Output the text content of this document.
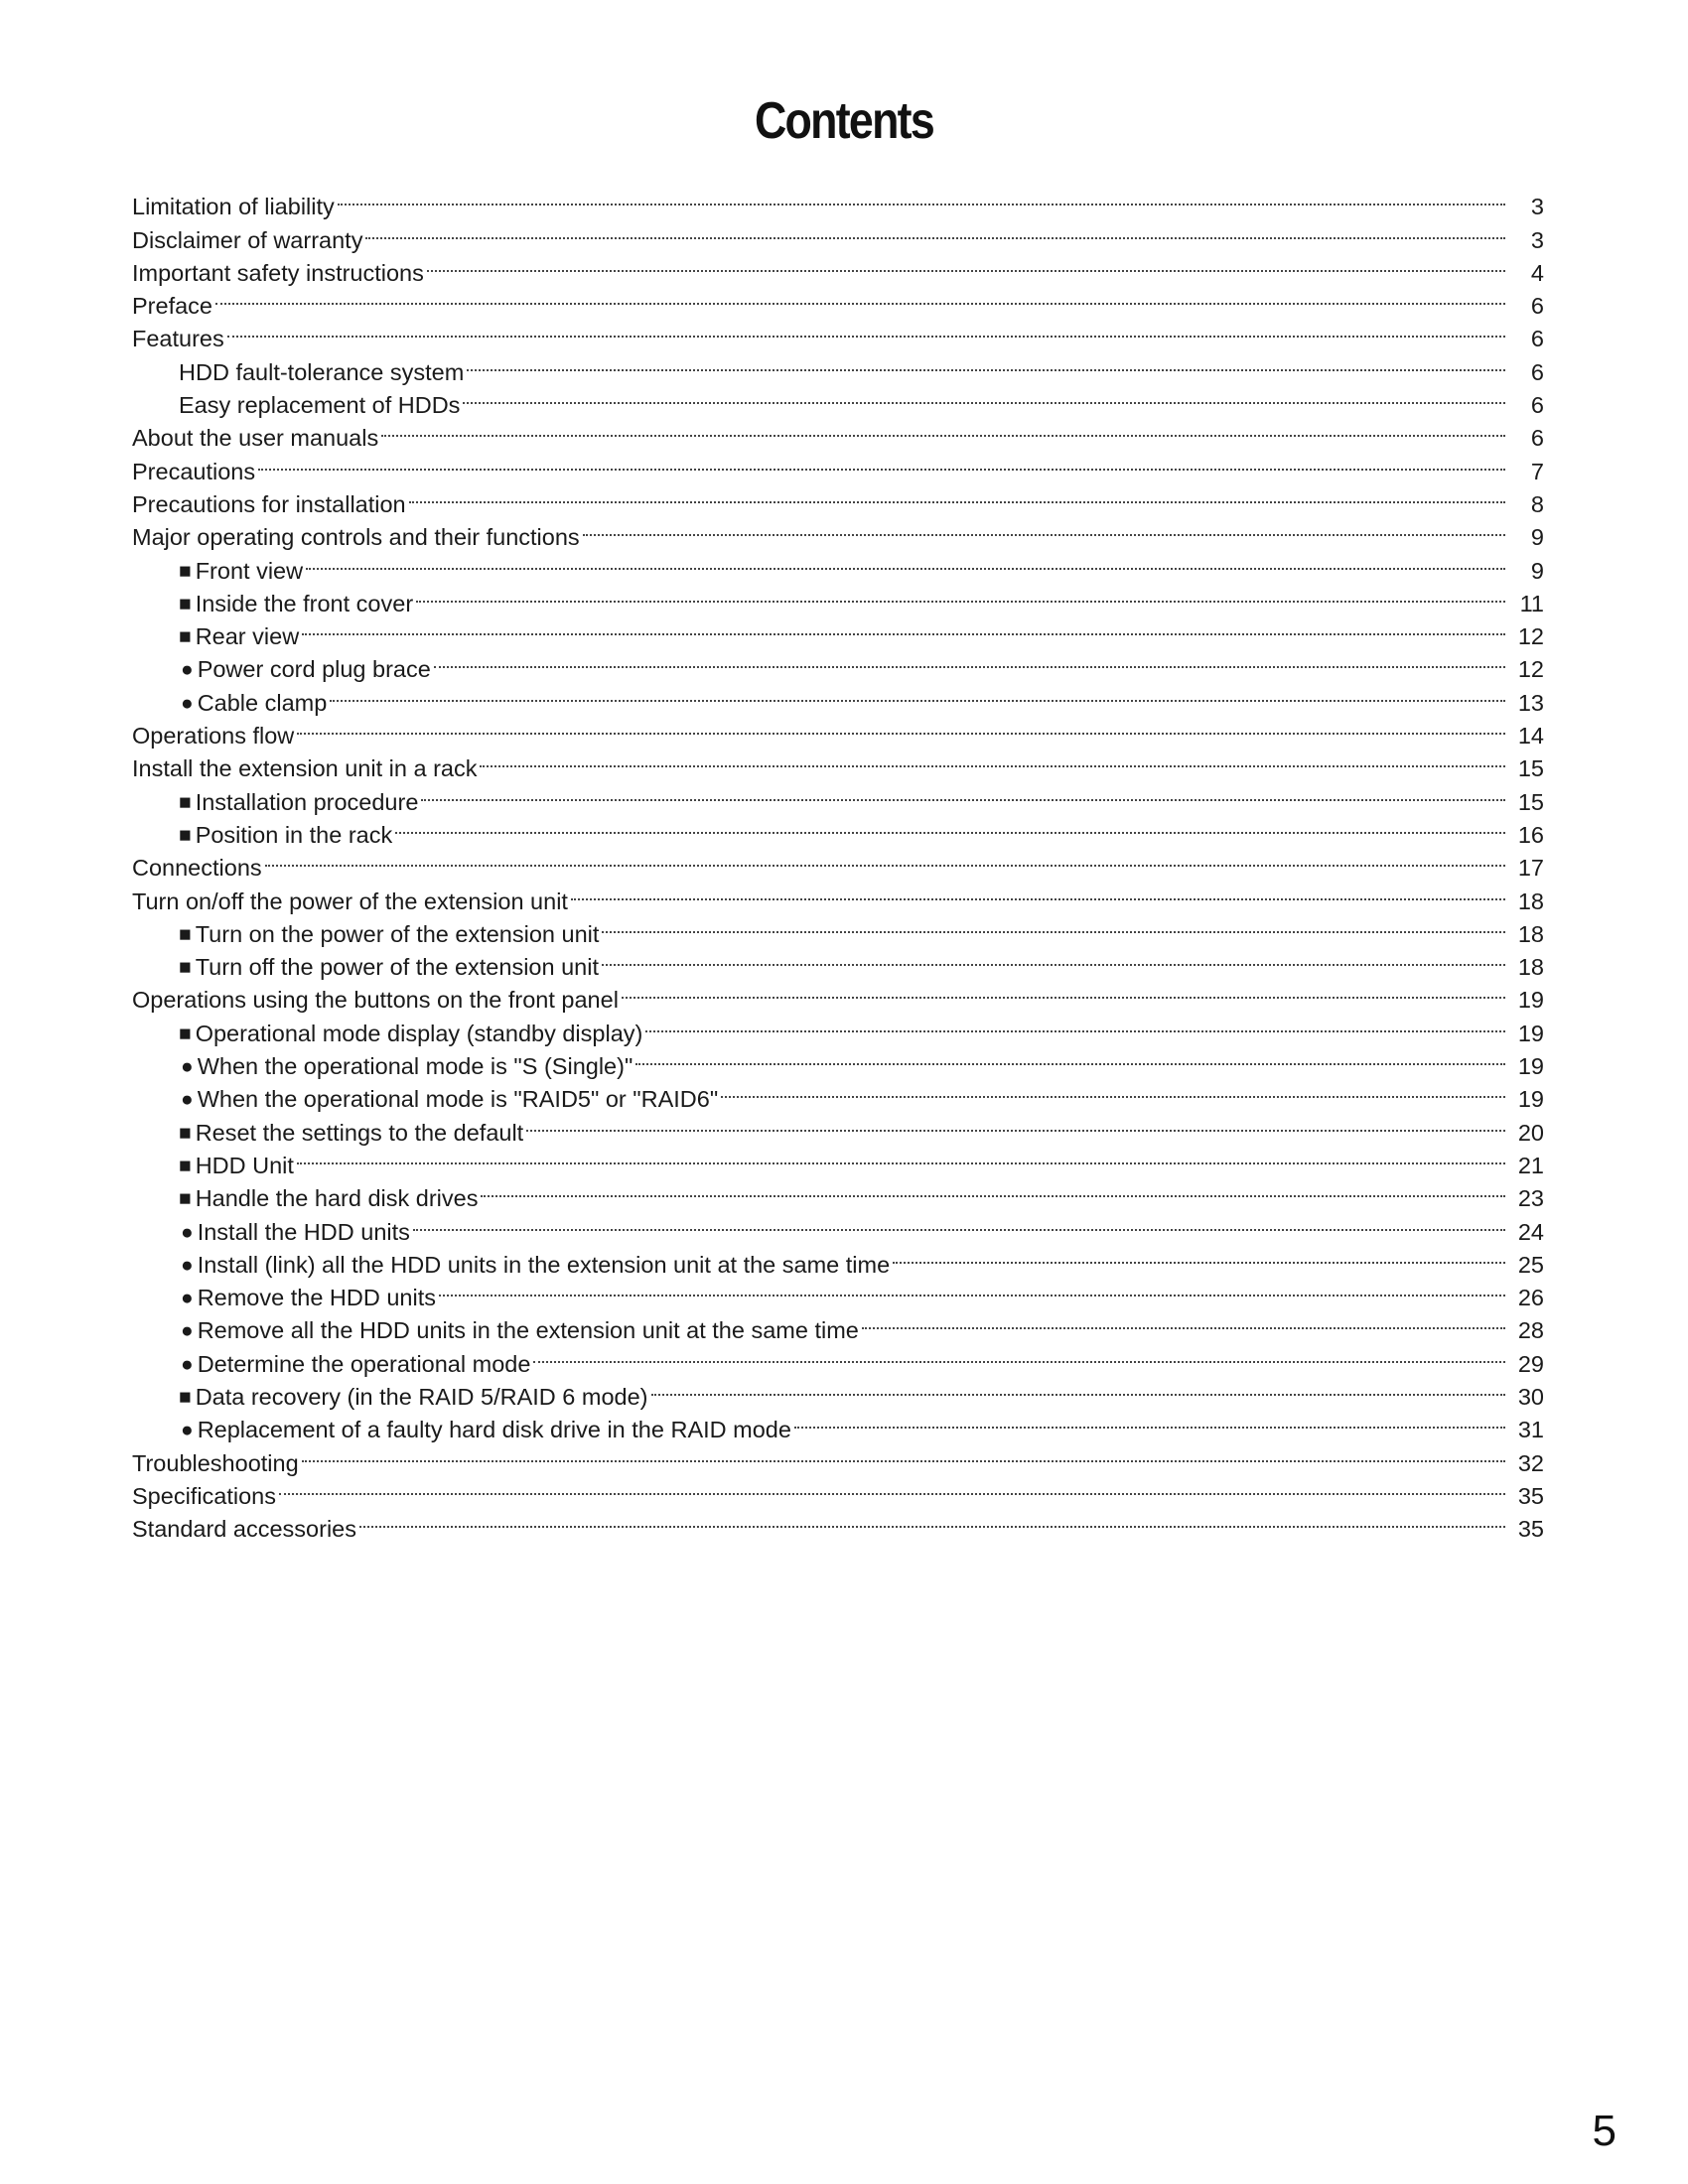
Contents
Limitation of liability	3
Disclaimer of warranty	3
Important safety instructions	4
Preface	6
Features	6
HDD fault-tolerance system	6
Easy replacement of HDDs	6
About the user manuals	6
Precautions	7
Precautions for installation	8
Major operating controls and their functions	9
■ Front view	9
■ Inside the front cover	11
■ Rear view	12
● Power cord plug brace	12
● Cable clamp	13
Operations flow	14
Install the extension unit in a rack	15
■ Installation procedure	15
■ Position in the rack	16
Connections	17
Turn on/off the power of the extension unit	18
■ Turn on the power of the extension unit	18
■ Turn off the power of the extension unit	18
Operations using the buttons on the front panel	19
■ Operational mode display (standby display)	19
● When the operational mode is "S (Single)"	19
● When the operational mode is "RAID5" or "RAID6"	19
■ Reset the settings to the default	20
■ HDD Unit	21
■ Handle the hard disk drives	23
● Install the HDD units	24
● Install (link) all the HDD units in the extension unit at the same time	25
● Remove the HDD units	26
● Remove all the HDD units in the extension unit at the same time	28
● Determine the operational mode	29
■ Data recovery (in the RAID 5/RAID 6 mode)	30
● Replacement of a faulty hard disk drive in the RAID mode	31
Troubleshooting	32
Specifications	35
Standard accessories	35
5
